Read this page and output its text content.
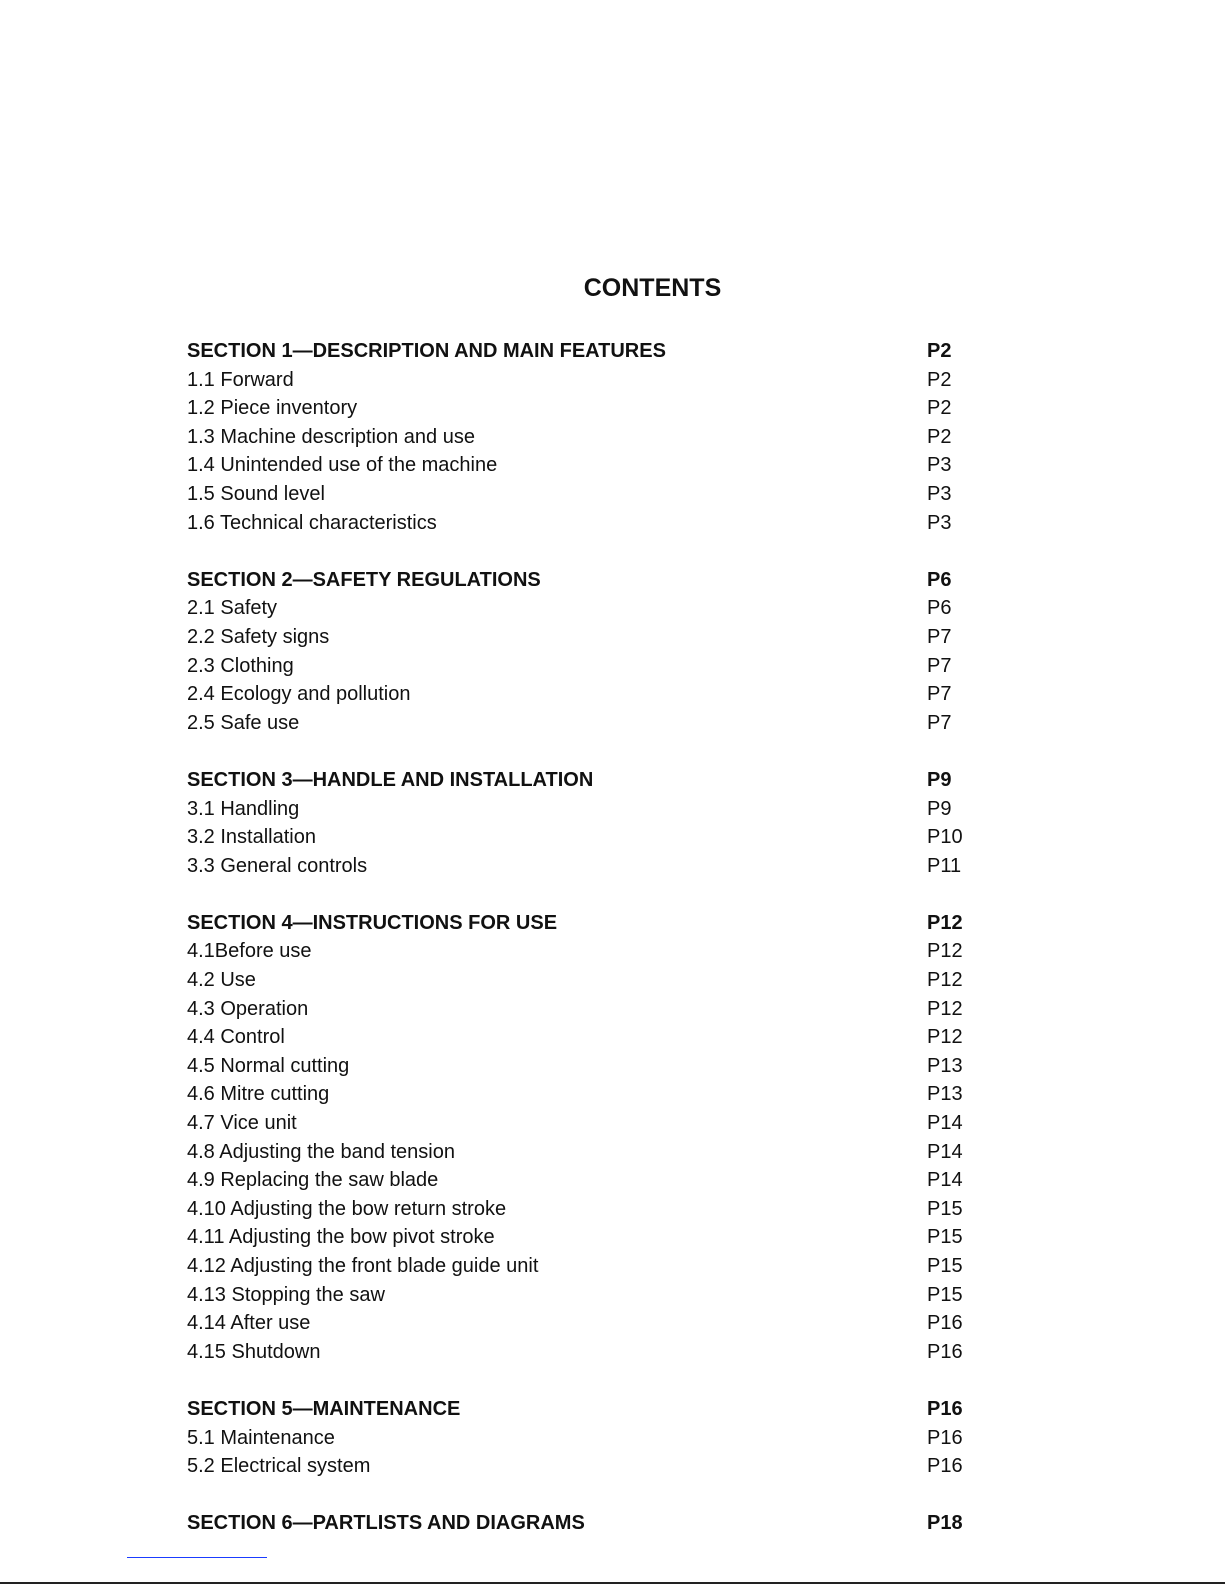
CONTENTS
SECTION 1—DESCRIPTION AND MAIN FEATURES	P2
1.1 Forward	P2
1.2 Piece inventory	P2
1.3 Machine description and use	P2
1.4 Unintended use of the machine	P3
1.5 Sound level	P3
1.6 Technical characteristics	P3
SECTION 2—SAFETY REGULATIONS	P6
2.1 Safety	P6
2.2 Safety signs	P7
2.3 Clothing	P7
2.4 Ecology and pollution	P7
2.5 Safe use	P7
SECTION 3—HANDLE AND INSTALLATION	P9
3.1 Handling	P9
3.2 Installation	P10
3.3 General controls	P11
SECTION 4—INSTRUCTIONS FOR USE	P12
4.1Before use	P12
4.2 Use	P12
4.3 Operation	P12
4.4 Control	P12
4.5 Normal cutting	P13
4.6 Mitre cutting	P13
4.7 Vice unit	P14
4.8 Adjusting the band tension	P14
4.9 Replacing the saw blade	P14
4.10 Adjusting the bow return stroke	P15
4.11 Adjusting the bow pivot stroke	P15
4.12 Adjusting the front blade guide unit	P15
4.13 Stopping the saw	P15
4.14 After use	P16
4.15 Shutdown	P16
SECTION 5—MAINTENANCE	P16
5.1 Maintenance	P16
5.2 Electrical system	P16
SECTION 6—PARTLISTS AND DIAGRAMS	P18
